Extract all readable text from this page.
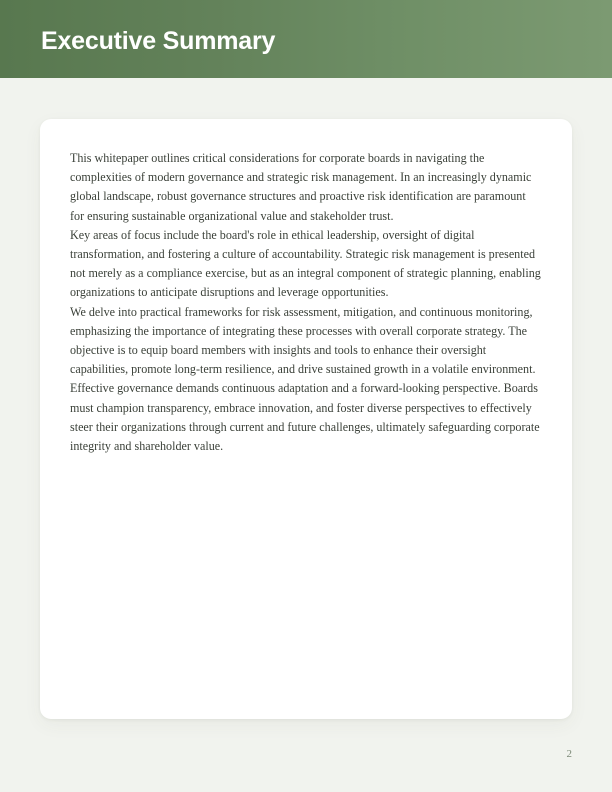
Executive Summary
This whitepaper outlines critical considerations for corporate boards in navigating the complexities of modern governance and strategic risk management. In an increasingly dynamic global landscape, robust governance structures and proactive risk identification are paramount for ensuring sustainable organizational value and stakeholder trust.
Key areas of focus include the board's role in ethical leadership, oversight of digital transformation, and fostering a culture of accountability. Strategic risk management is presented not merely as a compliance exercise, but as an integral component of strategic planning, enabling organizations to anticipate disruptions and leverage opportunities.
We delve into practical frameworks for risk assessment, mitigation, and continuous monitoring, emphasizing the importance of integrating these processes with overall corporate strategy. The objective is to equip board members with insights and tools to enhance their oversight capabilities, promote long-term resilience, and drive sustained growth in a volatile environment.
Effective governance demands continuous adaptation and a forward-looking perspective. Boards must champion transparency, embrace innovation, and foster diverse perspectives to effectively steer their organizations through current and future challenges, ultimately safeguarding corporate integrity and shareholder value.
2
